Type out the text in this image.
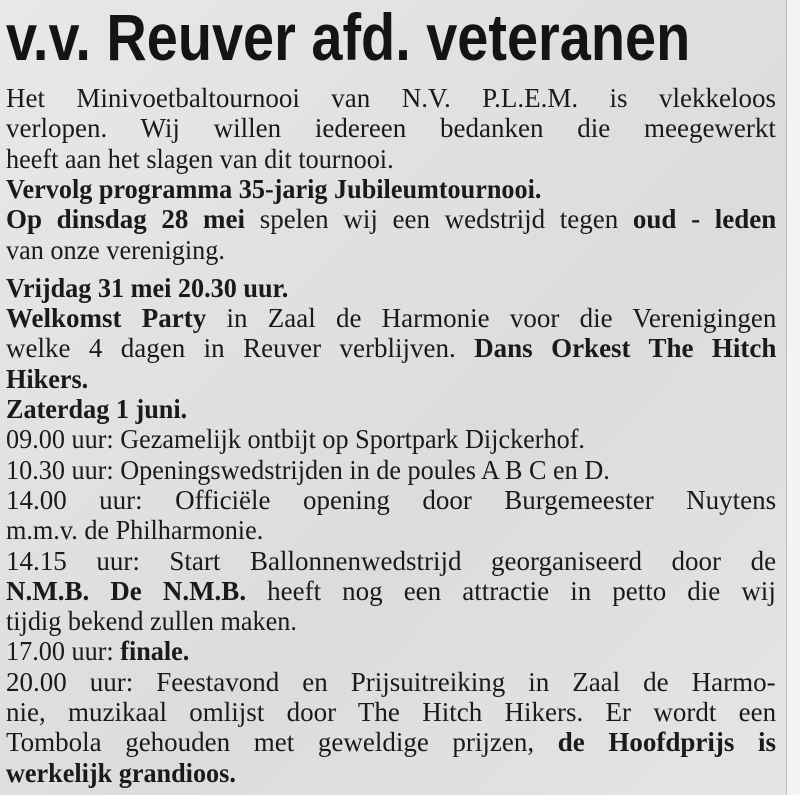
v.v. Reuver afd. veteranen
Het Minivoetbaltournooi van N.V. P.L.E.M. is vlekkeloos
verlopen. Wij willen iedereen bedanken die meegewerkt
heeft aan het slagen van dit tournooi.
Vervolg programma 35-jarig Jubileumtournooi.
Op dinsdag 28 mei spelen wij een wedstrijd tegen oud - leden
van onze vereniging.
Vrijdag 31 mei 20.30 uur.
Welkomst Party in Zaal de Harmonie voor die Verenigingen
welke 4 dagen in Reuver verblijven. Dans Orkest The Hitch
Hikers.
Zaterdag 1 juni.
09.00 uur: Gezamelijk ontbijt op Sportpark Dijckerhof.
10.30 uur: Openingswedstrijden in de poules A B C en D.
14.00 uur: Officiële opening door Burgemeester Nuytens
m.m.v. de Philharmonie.
14.15 uur: Start Ballonnenwedstrijd georganiseerd door de
N.M.B. De N.M.B. heeft nog een attractie in petto die wij
tijdig bekend zullen maken.
17.00 uur: finale.
20.00 uur: Feestavond en Prijsuitreiking in Zaal de Harmo-
nie, muzikaal omlijst door The Hitch Hikers. Er wordt een
Tombola gehouden met geweldige prijzen, de Hoofdprijs is
werkelijk grandioos.
